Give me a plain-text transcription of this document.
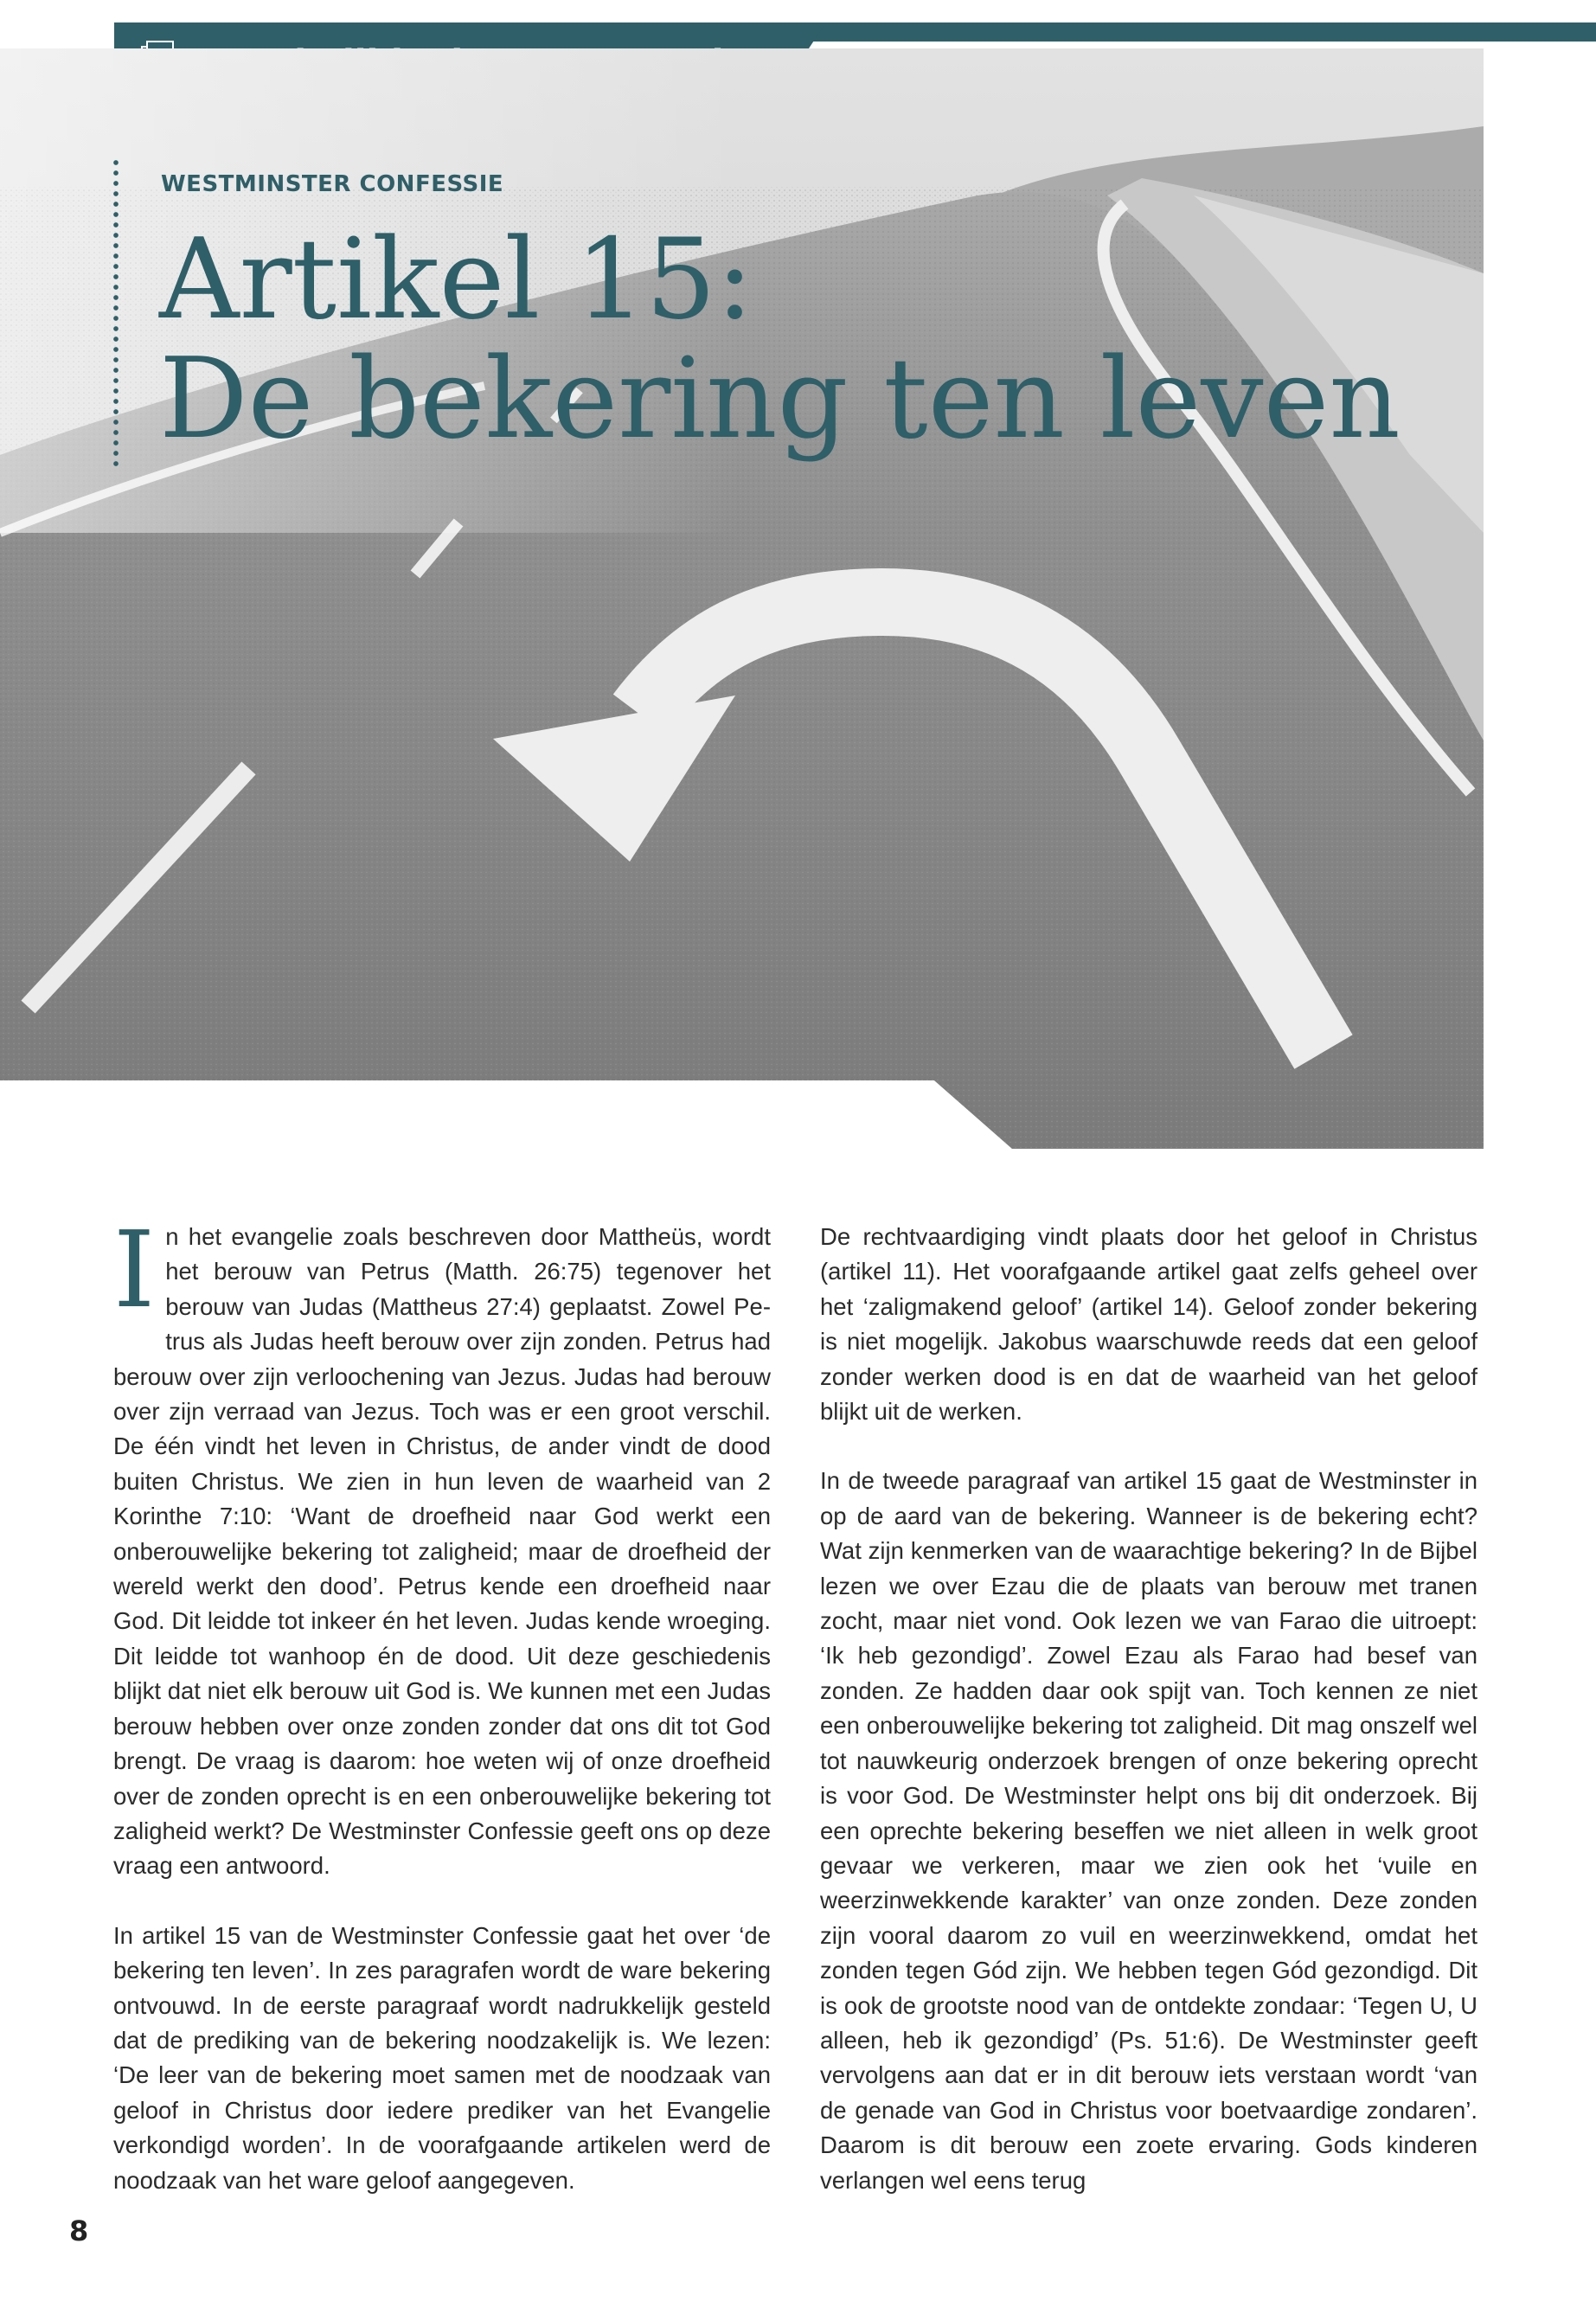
WESTMINSTER CONFESSIE
Artikel 15:
De bekering ten leven

In het evangelie zoals beschreven door Mattheüs, wordt het berouw van Petrus (Matth. 26:75) tegenover het berouw van Judas (Mattheus 27:4) geplaatst. Zowel Petrus als Judas heeft berouw over zijn zonden. Petrus had berouw over zijn verloochening van Jezus. Judas had berouw over zijn verraad van Jezus. Toch was er een groot verschil. De één vindt het leven in Christus, de ander vindt de dood buiten Christus. We zien in hun leven de waarheid van 2 Korinthe 7:10: ‘Want de droefheid naar God werkt een onberouwelijke bekering tot zaligheid; maar de droefheid der wereld werkt den dood’. Petrus kende een droefheid naar God. Dit leidde tot inkeer én het leven. Judas kende wroeging. Dit leidde tot wanhoop én de dood. Uit deze geschiedenis blijkt dat niet elk berouw uit God is. We kunnen met een Judas berouw hebben over onze zonden zonder dat ons dit tot God brengt. De vraag is daarom: hoe weten wij of onze droefheid over de zonden oprecht is en een onberouwelijke bekering tot zaligheid werkt? De Westminster Confessie geeft ons op deze vraag een antwoord.

In artikel 15 van de Westminster Confessie gaat het over ‘de bekering ten leven’. In zes paragrafen wordt de ware bekering ontvouwd. In de eerste paragraaf wordt nadrukkelijk gesteld dat de prediking van de bekering noodzakelijk is. We lezen: ‘De leer van de bekering moet samen met de noodzaak van geloof in Christus door iedere prediker van het Evangelie verkondigd worden’. In de voorafgaande artikelen werd de noodzaak van het ware geloof aangegeven.

De rechtvaardiging vindt plaats door het geloof in Christus (artikel 11). Het voorafgaande artikel gaat zelfs geheel over het ‘zaligmakend geloof’ (artikel 14). Geloof zonder bekering is niet mogelijk. Jakobus waarschuwde reeds dat een geloof zonder werken dood is en dat de waarheid van het geloof blijkt uit de werken.

In de tweede paragraaf van artikel 15 gaat de Westminster in op de aard van de bekering. Wanneer is de bekering echt? Wat zijn kenmerken van de waarachtige bekering? In de Bijbel lezen we over Ezau die de plaats van berouw met tranen zocht, maar niet vond. Ook lezen we van Farao die uitroept: ‘Ik heb gezondigd’. Zowel Ezau als Farao had besef van zonden. Ze hadden daar ook spijt van. Toch kennen ze niet een onberouwelijke bekering tot zaligheid. Dit mag onszelf wel tot nauwkeurig onderzoek brengen of onze bekering oprecht is voor God. De Westminster helpt ons bij dit onderzoek. Bij een oprechte bekering beseffen we niet alleen in welk groot gevaar we verkeren, maar we zien ook het ‘vuile en weerzinwekkende karakter’ van onze zonden. Deze zonden zijn vooral daarom zo vuil en weerzinwekkend, omdat het zonden tegen Gód zijn. We hebben tegen Gód gezondigd. Dit is ook de grootste nood van de ontdekte zondaar: ‘Tegen U, U alleen, heb ik gezondigd’ (Ps. 51:6). De Westminster geeft vervolgens aan dat er in dit berouw iets verstaan wordt ‘van de genade van God in Christus voor boetvaardige zondaren’. Daarom is dit berouw een zoete ervaring. Gods kinderen verlangen wel eens terug

8
